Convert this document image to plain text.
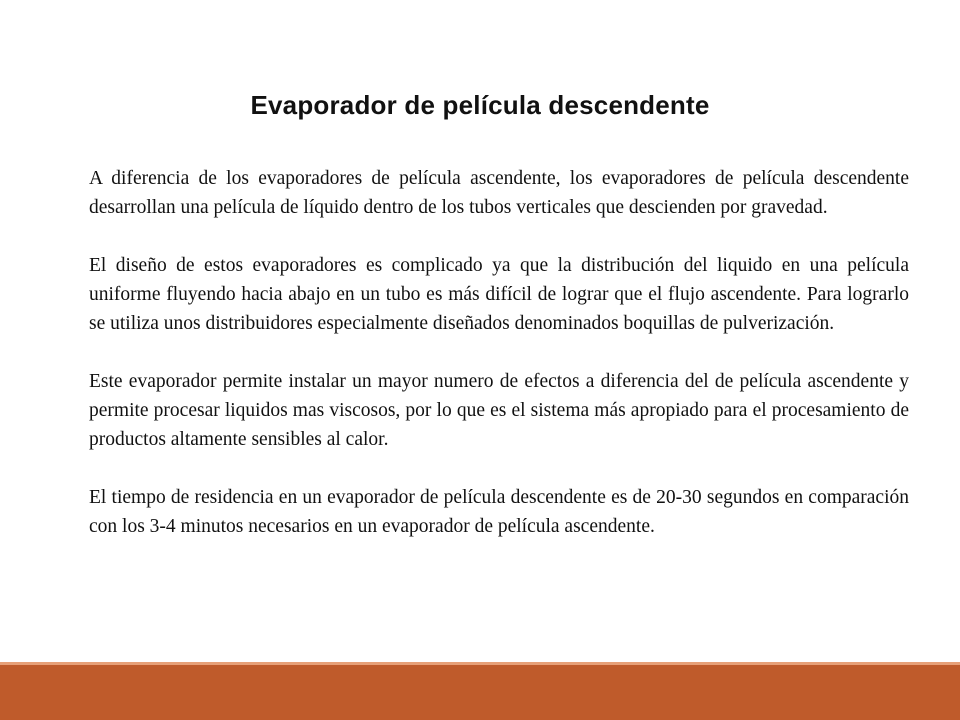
Evaporador de película descendente

A diferencia de los evaporadores de película ascendente, los evaporadores de película descendente desarrollan una película de líquido dentro de los tubos verticales que descienden por gravedad.

El diseño de estos evaporadores es complicado ya que la distribución del liquido en una película uniforme fluyendo hacia abajo en un tubo es más difícil de lograr que el flujo ascendente. Para lograrlo se utiliza unos distribuidores especialmente diseñados denominados boquillas de pulverización.

Este evaporador permite instalar un mayor numero de efectos a diferencia del de película ascendente y permite procesar liquidos mas viscosos, por lo que es el sistema más apropiado para el procesamiento de productos altamente sensibles al calor.

El tiempo de residencia en un evaporador de película descendente es de 20-30 segundos en comparación con los 3-4 minutos necesarios en un evaporador de película ascendente.
